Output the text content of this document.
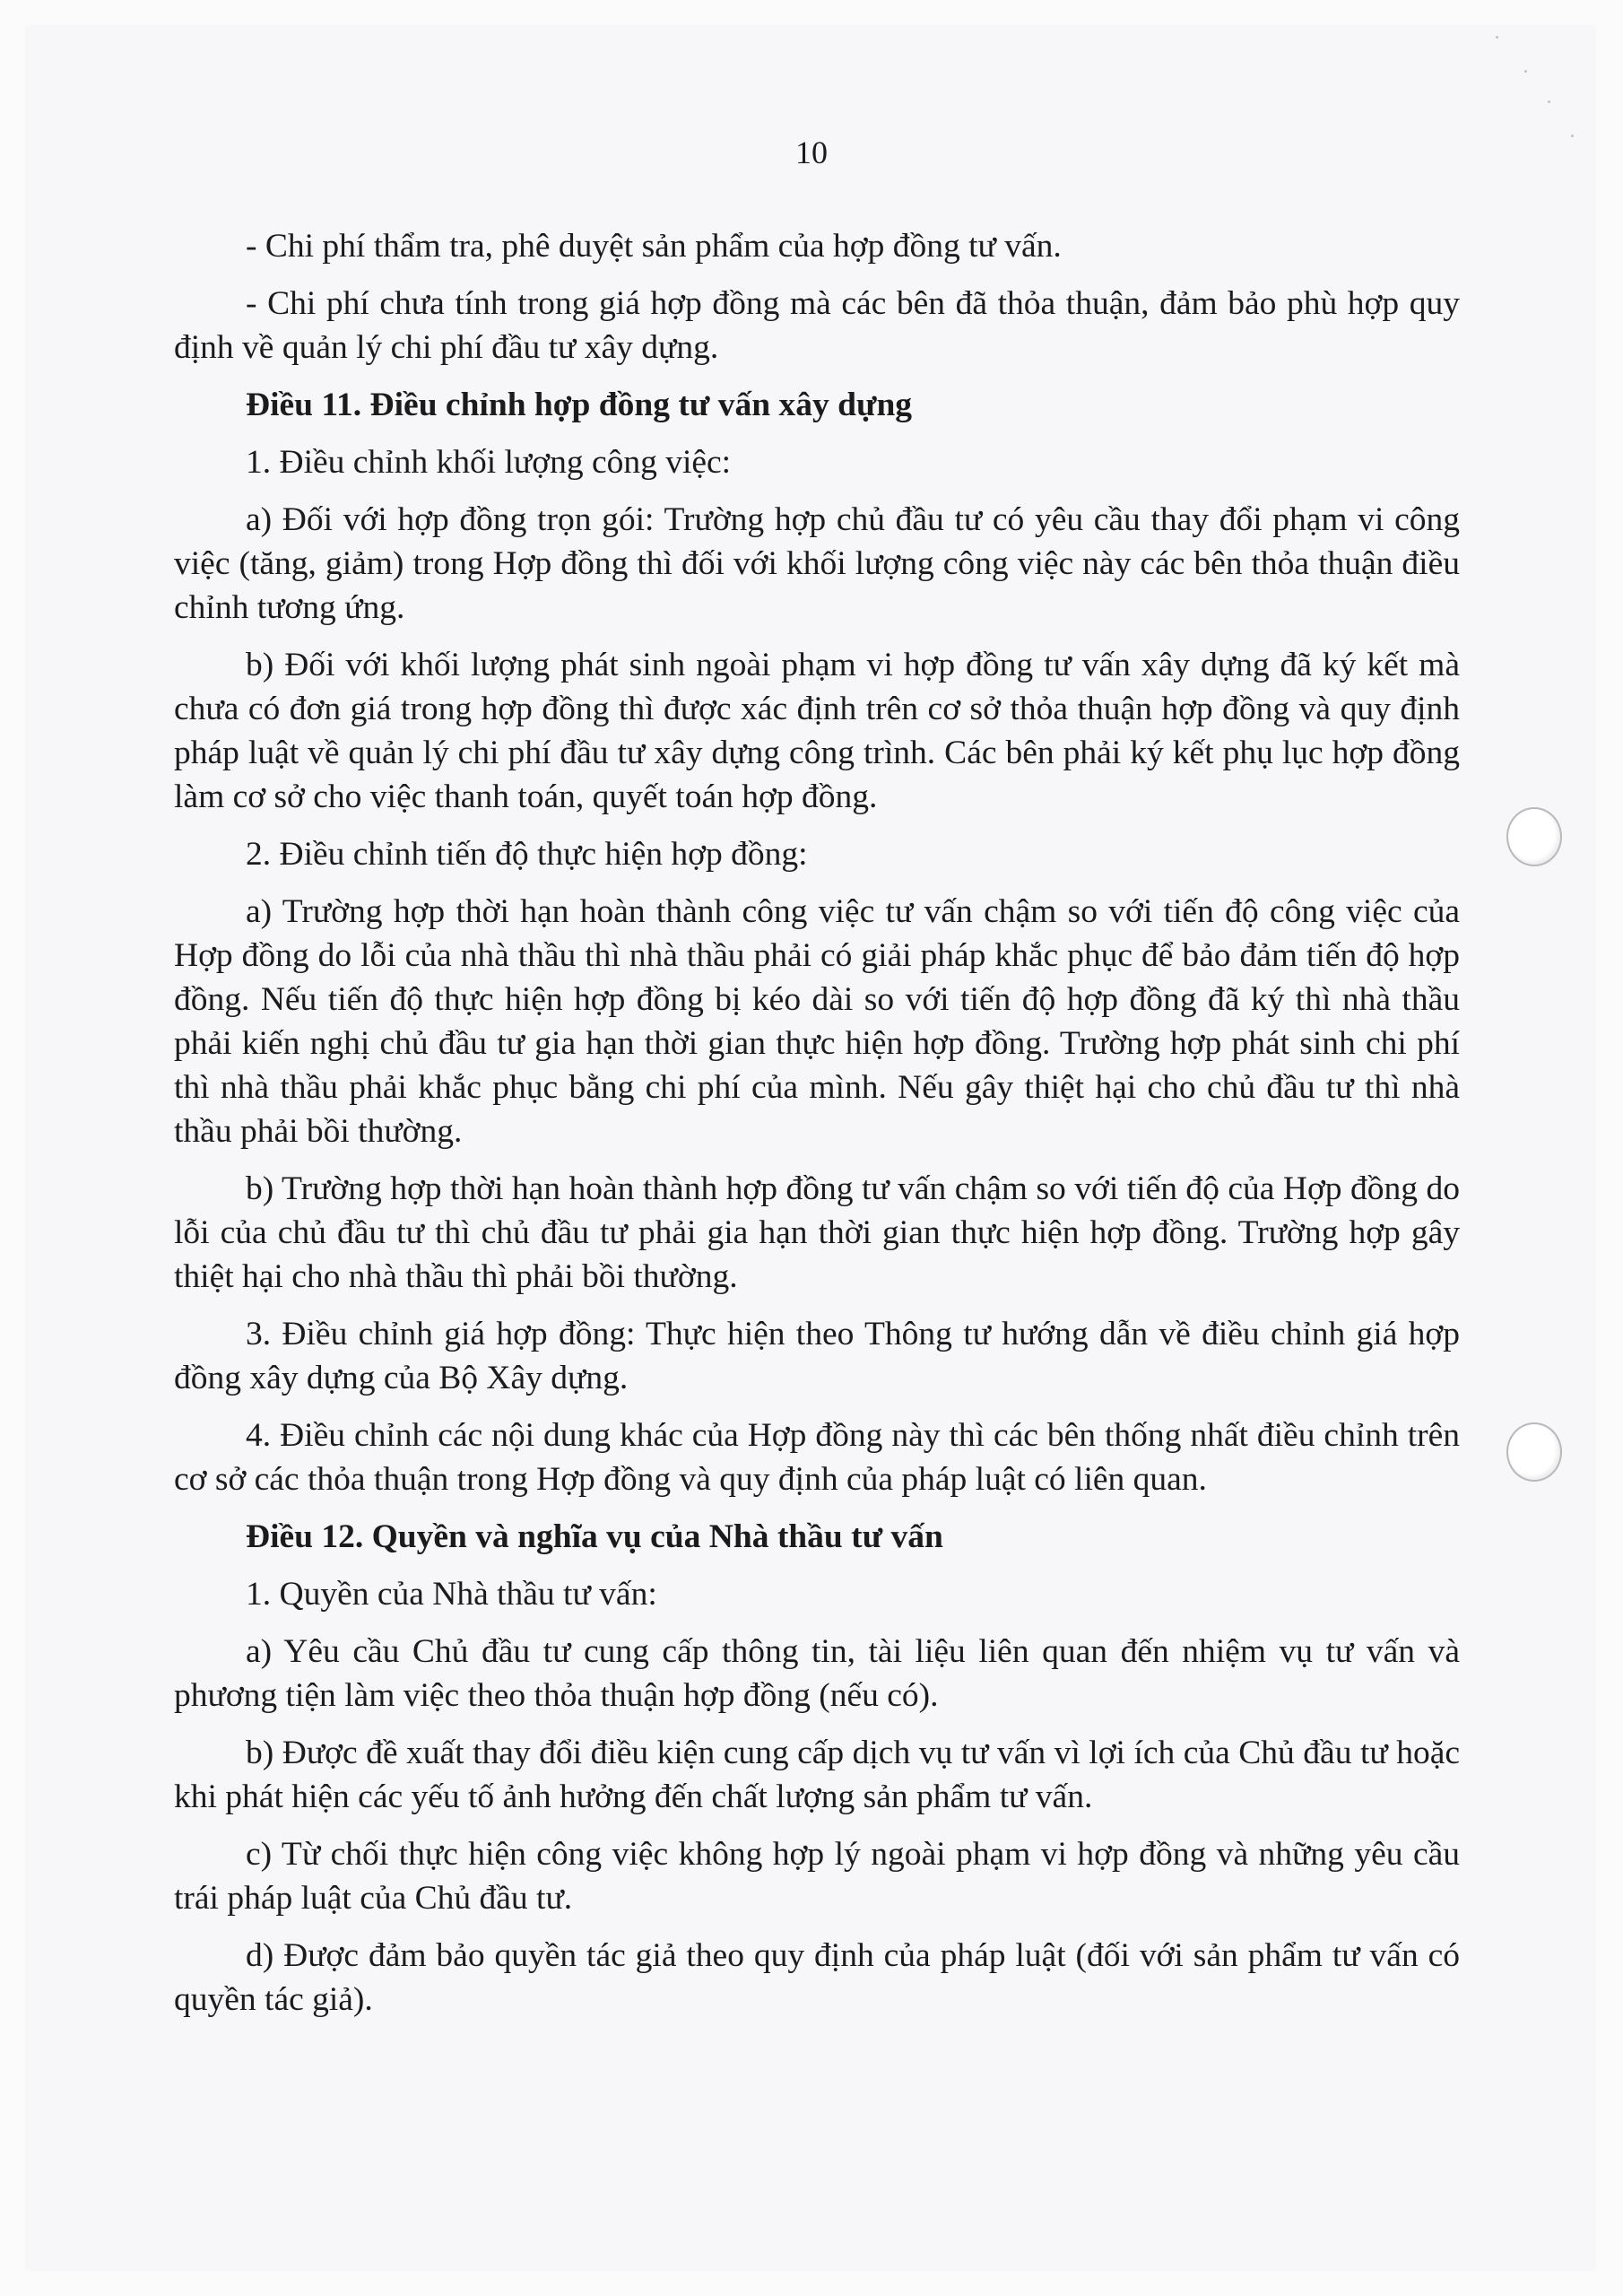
10

- Chi phí thẩm tra, phê duyệt sản phẩm của hợp đồng tư vấn.

- Chi phí chưa tính trong giá hợp đồng mà các bên đã thỏa thuận, đảm bảo phù hợp quy định về quản lý chi phí đầu tư xây dựng.

Điều 11. Điều chỉnh hợp đồng tư vấn xây dựng

1. Điều chỉnh khối lượng công việc:

a) Đối với hợp đồng trọn gói: Trường hợp chủ đầu tư có yêu cầu thay đổi phạm vi công việc (tăng, giảm) trong Hợp đồng thì đối với khối lượng công việc này các bên thỏa thuận điều chỉnh tương ứng.

b) Đối với khối lượng phát sinh ngoài phạm vi hợp đồng tư vấn xây dựng đã ký kết mà chưa có đơn giá trong hợp đồng thì được xác định trên cơ sở thỏa thuận hợp đồng và quy định pháp luật về quản lý chi phí đầu tư xây dựng công trình. Các bên phải ký kết phụ lục hợp đồng làm cơ sở cho việc thanh toán, quyết toán hợp đồng.

2. Điều chỉnh tiến độ thực hiện hợp đồng:

a) Trường hợp thời hạn hoàn thành công việc tư vấn chậm so với tiến độ công việc của Hợp đồng do lỗi của nhà thầu thì nhà thầu phải có giải pháp khắc phục để bảo đảm tiến độ hợp đồng. Nếu tiến độ thực hiện hợp đồng bị kéo dài so với tiến độ hợp đồng đã ký thì nhà thầu phải kiến nghị chủ đầu tư gia hạn thời gian thực hiện hợp đồng. Trường hợp phát sinh chi phí thì nhà thầu phải khắc phục bằng chi phí của mình. Nếu gây thiệt hại cho chủ đầu tư thì nhà thầu phải bồi thường.

b) Trường hợp thời hạn hoàn thành hợp đồng tư vấn chậm so với tiến độ của Hợp đồng do lỗi của chủ đầu tư thì chủ đầu tư phải gia hạn thời gian thực hiện hợp đồng. Trường hợp gây thiệt hại cho nhà thầu thì phải bồi thường.

3. Điều chỉnh giá hợp đồng: Thực hiện theo Thông tư hướng dẫn về điều chỉnh giá hợp đồng xây dựng của Bộ Xây dựng.

4. Điều chỉnh các nội dung khác của Hợp đồng này thì các bên thống nhất điều chỉnh trên cơ sở các thỏa thuận trong Hợp đồng và quy định của pháp luật có liên quan.

Điều 12. Quyền và nghĩa vụ của Nhà thầu tư vấn

1. Quyền của Nhà thầu tư vấn:

a) Yêu cầu Chủ đầu tư cung cấp thông tin, tài liệu liên quan đến nhiệm vụ tư vấn và phương tiện làm việc theo thỏa thuận hợp đồng (nếu có).

b) Được đề xuất thay đổi điều kiện cung cấp dịch vụ tư vấn vì lợi ích của Chủ đầu tư hoặc khi phát hiện các yếu tố ảnh hưởng đến chất lượng sản phẩm tư vấn.

c) Từ chối thực hiện công việc không hợp lý ngoài phạm vi hợp đồng và những yêu cầu trái pháp luật của Chủ đầu tư.

d) Được đảm bảo quyền tác giả theo quy định của pháp luật (đối với sản phẩm tư vấn có quyền tác giả).
